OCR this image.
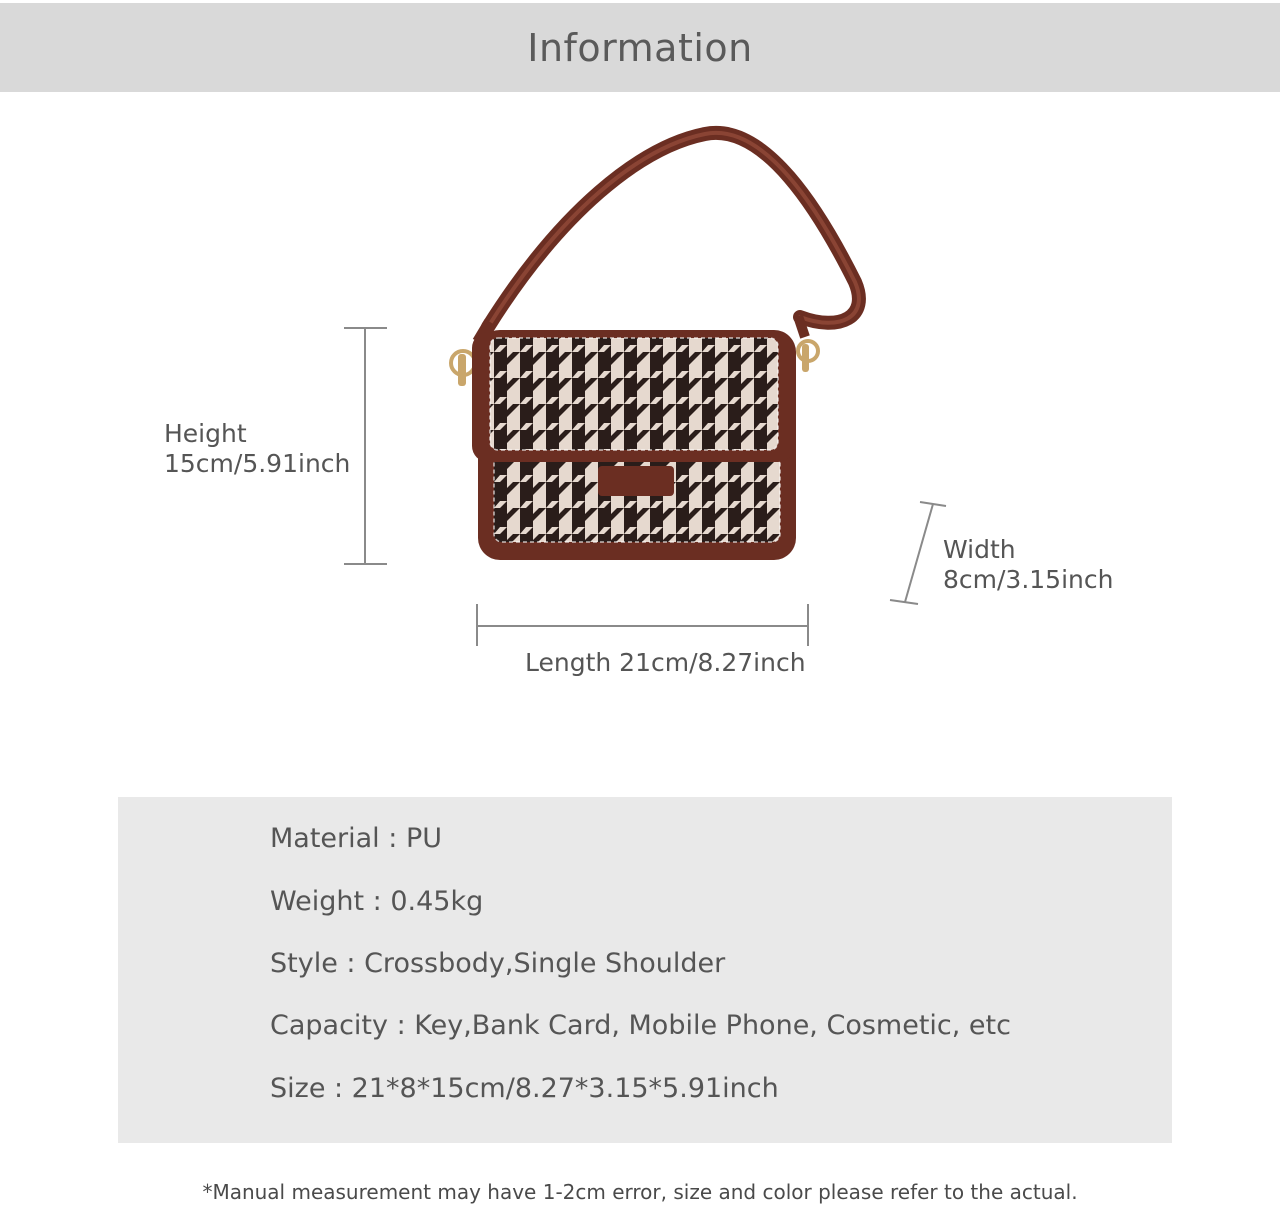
Information
Height
15cm/5.91inch
Width
8cm/3.15inch
Length 21cm/8.27inch
Material : PU
Weight : 0.45kg
Style : Crossbody,Single Shoulder
Capacity : Key,Bank Card, Mobile Phone, Cosmetic, etc
Size : 21*8*15cm/8.27*3.15*5.91inch
*Manual measurement may have 1-2cm error, size and color please refer to the actual.
